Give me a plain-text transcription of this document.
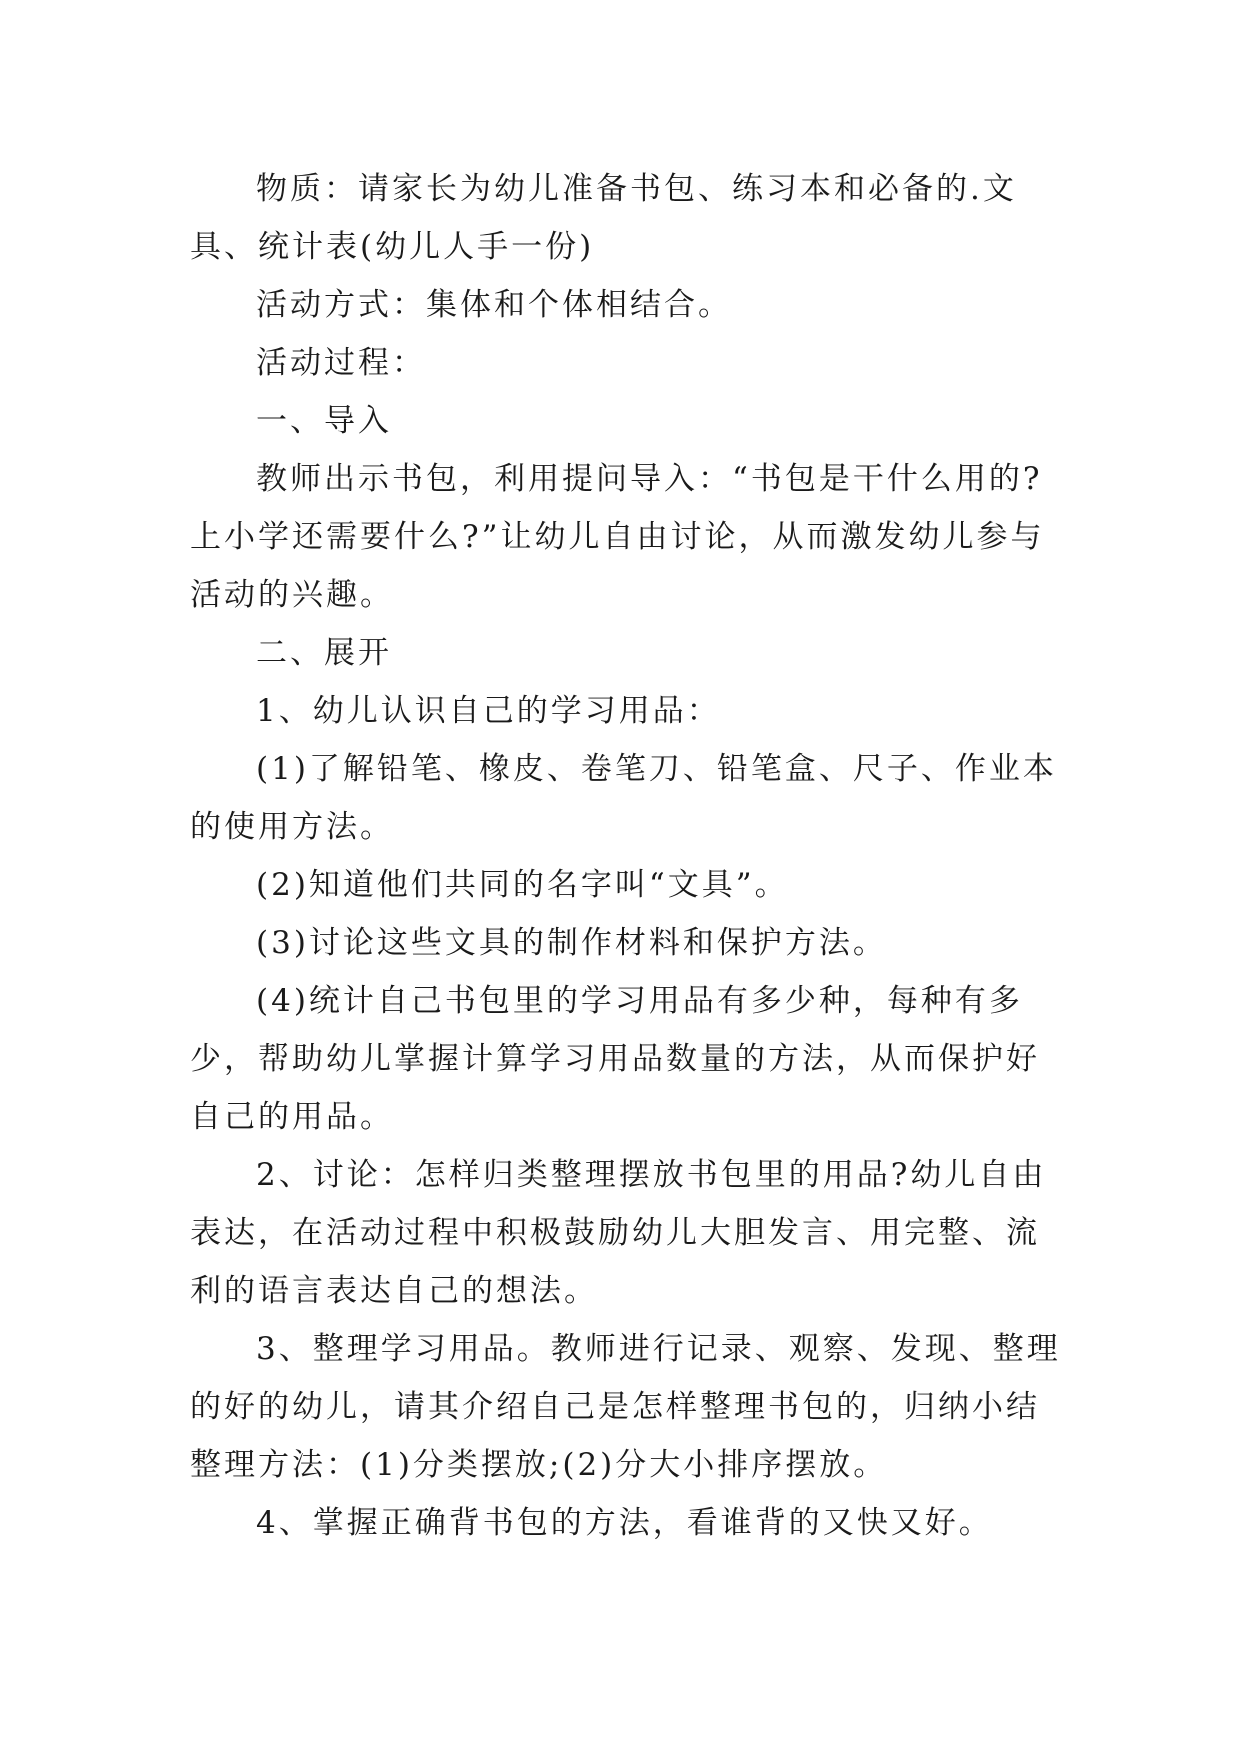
物质：请家长为幼儿准备书包、练习本和必备的.文具、统计表(幼儿人手一份)

活动方式：集体和个体相结合。

活动过程：

一、导入

教师出示书包，利用提问导入：“书包是干什么用的?上小学还需要什么?”让幼儿自由讨论，从而激发幼儿参与活动的兴趣。

二、展开

1、幼儿认识自己的学习用品：

(1)了解铅笔、橡皮、卷笔刀、铅笔盒、尺子、作业本的使用方法。

(2)知道他们共同的名字叫“文具”。

(3)讨论这些文具的制作材料和保护方法。

(4)统计自己书包里的学习用品有多少种，每种有多少，帮助幼儿掌握计算学习用品数量的方法，从而保护好自己的用品。

2、讨论：怎样归类整理摆放书包里的用品?幼儿自由表达，在活动过程中积极鼓励幼儿大胆发言、用完整、流利的语言表达自己的想法。

3、整理学习用品。教师进行记录、观察、发现、整理的好的幼儿，请其介绍自己是怎样整理书包的，归纳小结整理方法：(1)分类摆放;(2)分大小排序摆放。

4、掌握正确背书包的方法，看谁背的又快又好。
